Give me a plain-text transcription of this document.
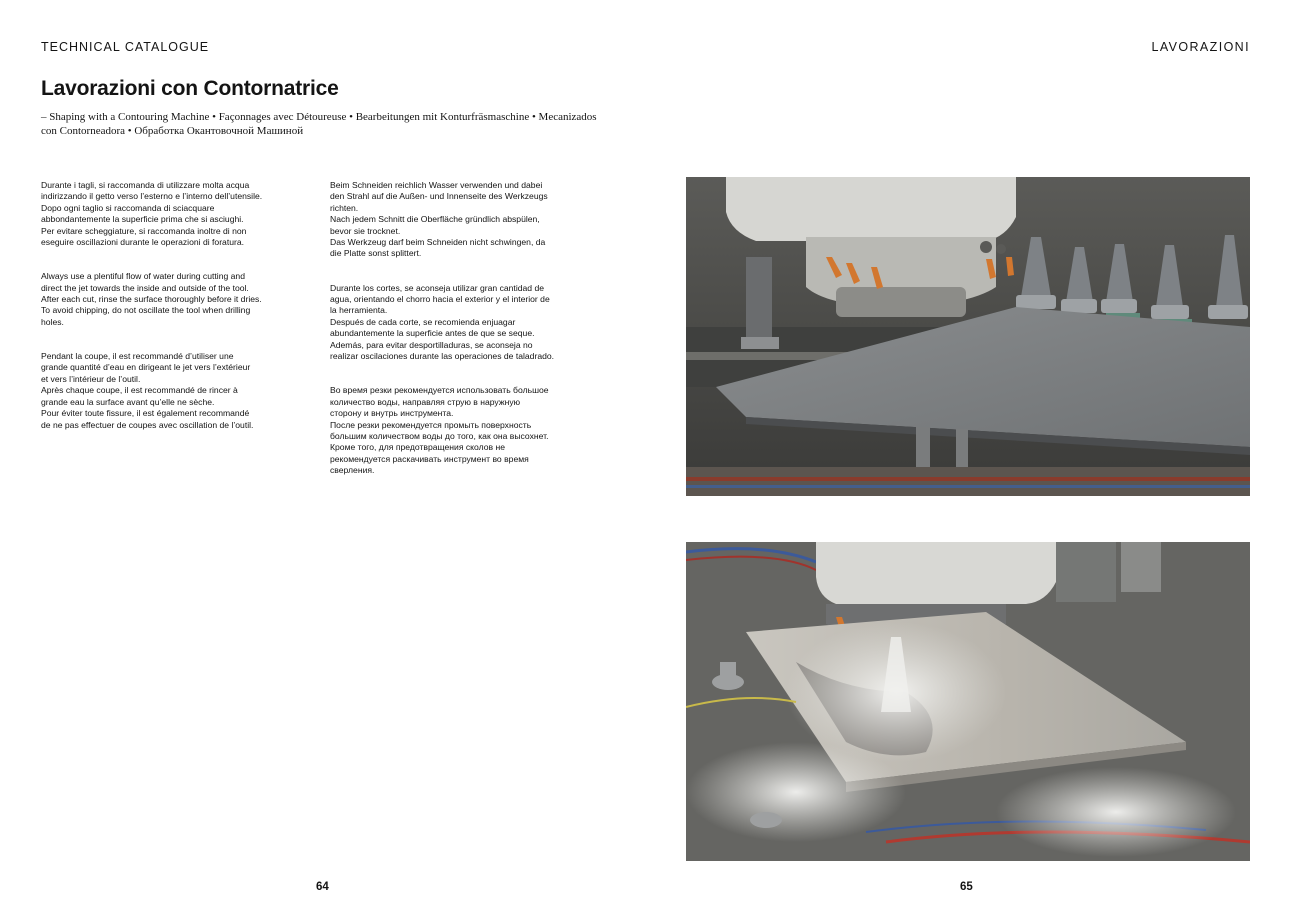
TECHNICAL CATALOGUE	LAVORAZIONI
Lavorazioni con Contornatrice
– Shaping with a Contouring Machine • Façonnages avec Détoureuse • Bearbeitungen mit Konturfräsmaschine • Mecanizados con Contorneadora • Обработка Окантовочной Машиной

Durante i tagli, si raccomanda di utilizzare molta acqua
indirizzando il getto verso l’esterno e l’interno dell’utensile.
Dopo ogni taglio si raccomanda di sciacquare
abbondantemente la superficie prima che si asciughi.
Per evitare scheggiature, si raccomanda inoltre di non
eseguire oscillazioni durante le operazioni di foratura.

Always use a plentiful flow of water during cutting and
direct the jet towards the inside and outside of the tool.
After each cut, rinse the surface thoroughly before it dries.
To avoid chipping, do not oscillate the tool when drilling
holes.

Pendant la coupe, il est recommandé d’utiliser une
grande quantité d’eau en dirigeant le jet vers l’extérieur
et vers l’intérieur de l’outil.
Après chaque coupe, il est recommandé de rincer à
grande eau la surface avant qu’elle ne sèche.
Pour éviter toute fissure, il est également recommandé
de ne pas effectuer de coupes avec oscillation de l’outil.

Beim Schneiden reichlich Wasser verwenden und dabei
den Strahl auf die Außen- und Innenseite des Werkzeugs
richten.
Nach jedem Schnitt die Oberfläche gründlich abspülen,
bevor sie trocknet.
Das Werkzeug darf beim Schneiden nicht schwingen, da
die Platte sonst splittert.

Durante los cortes, se aconseja utilizar gran cantidad de
agua, orientando el chorro hacia el exterior y el interior de
la herramienta.
Después de cada corte, se recomienda enjuagar
abundantemente la superficie antes de que se seque.
Además, para evitar desportilladuras, se aconseja no
realizar oscilaciones durante las operaciones de taladrado.

Во время резки рекомендуется использовать большое
количество воды, направляя струю в наружную
сторону и внутрь инструмента.
После резки рекомендуется промыть поверхность
большим количеством воды до того, как она высохнет.
Кроме того, для предотвращения сколов не
рекомендуется раскачивать инструмент во время
сверления.

64	65
